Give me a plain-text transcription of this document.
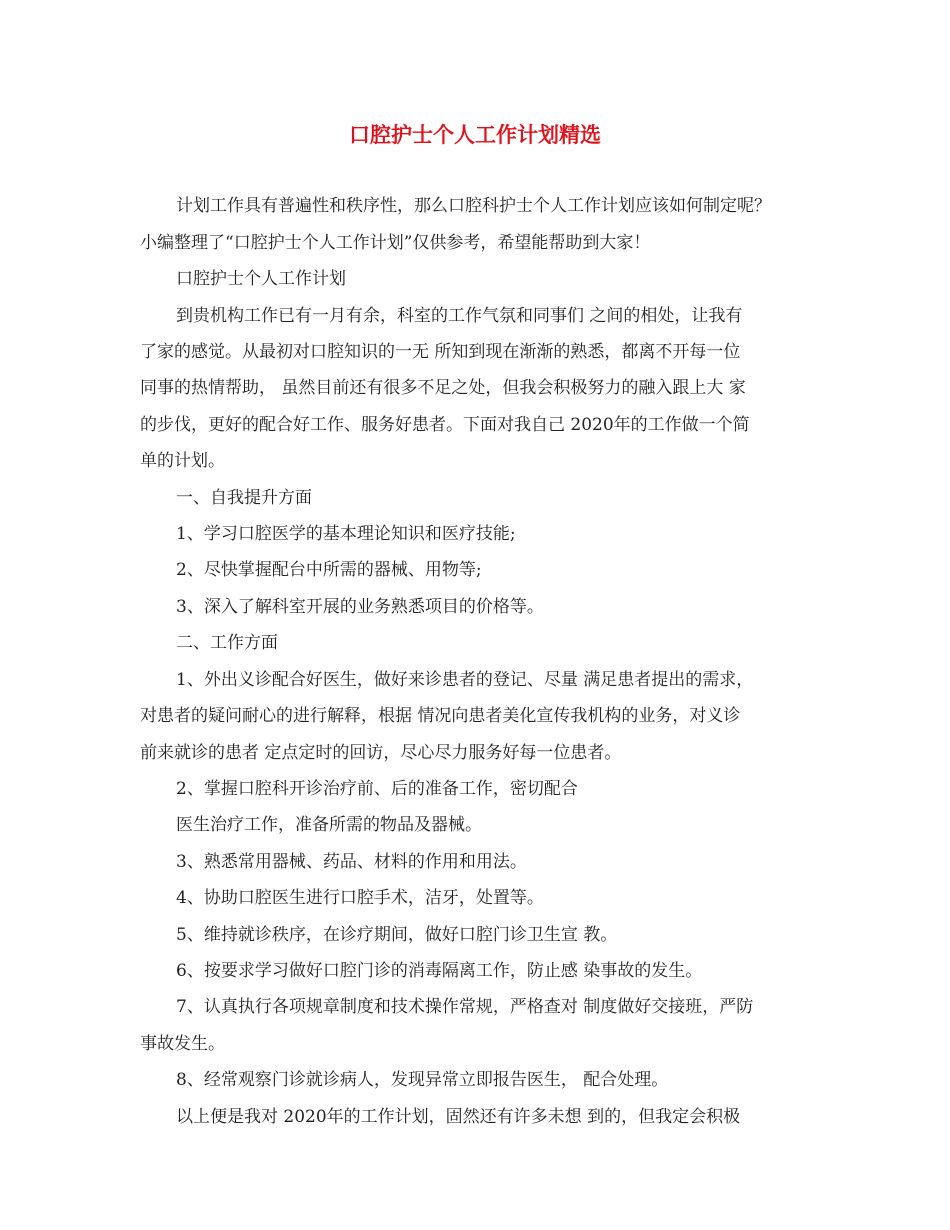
口腔护士个人工作计划精选

计划工作具有普遍性和秩序性，那么口腔科护士个人工作计划应该如何制定呢？

小编整理了“口腔护士个人工作计划”仅供参考，希望能帮助到大家！

口腔护士个人工作计划

到贵机构工作已有一月有余，科室的工作气氛和同事们 之间的相处，让我有

了家的感觉。从最初对口腔知识的一无 所知到现在渐渐的熟悉，都离不开每一位

同事的热情帮助， 虽然目前还有很多不足之处，但我会积极努力的融入跟上大 家

的步伐，更好的配合好工作、服务好患者。下面对我自己 2020年的工作做一个简

单的计划。

一、自我提升方面

1、学习口腔医学的基本理论知识和医疗技能;

2、尽快掌握配台中所需的器械、用物等;

3、深入了解科室开展的业务熟悉项目的价格等。

二、工作方面

1、外出义诊配合好医生，做好来诊患者的登记、尽量 满足患者提出的需求，

对患者的疑问耐心的进行解释，根据 情况向患者美化宣传我机构的业务，对义诊

前来就诊的患者 定点定时的回访，尽心尽力服务好每一位患者。

2、掌握口腔科开诊治疗前、后的准备工作，密切配合

医生治疗工作，准备所需的物品及器械。

3、熟悉常用器械、药品、材料的作用和用法。

4、协助口腔医生进行口腔手术，洁牙，处置等。

5、维持就诊秩序，在诊疗期间，做好口腔门诊卫生宣 教。

6、按要求学习做好口腔门诊的消毒隔离工作，防止感 染事故的发生。

7、认真执行各项规章制度和技术操作常规，严格查对 制度做好交接班，严防

事故发生。

8、经常观察门诊就诊病人，发现异常立即报告医生， 配合处理。

以上便是我对 2020年的工作计划，固然还有许多未想 到的，但我定会积极
